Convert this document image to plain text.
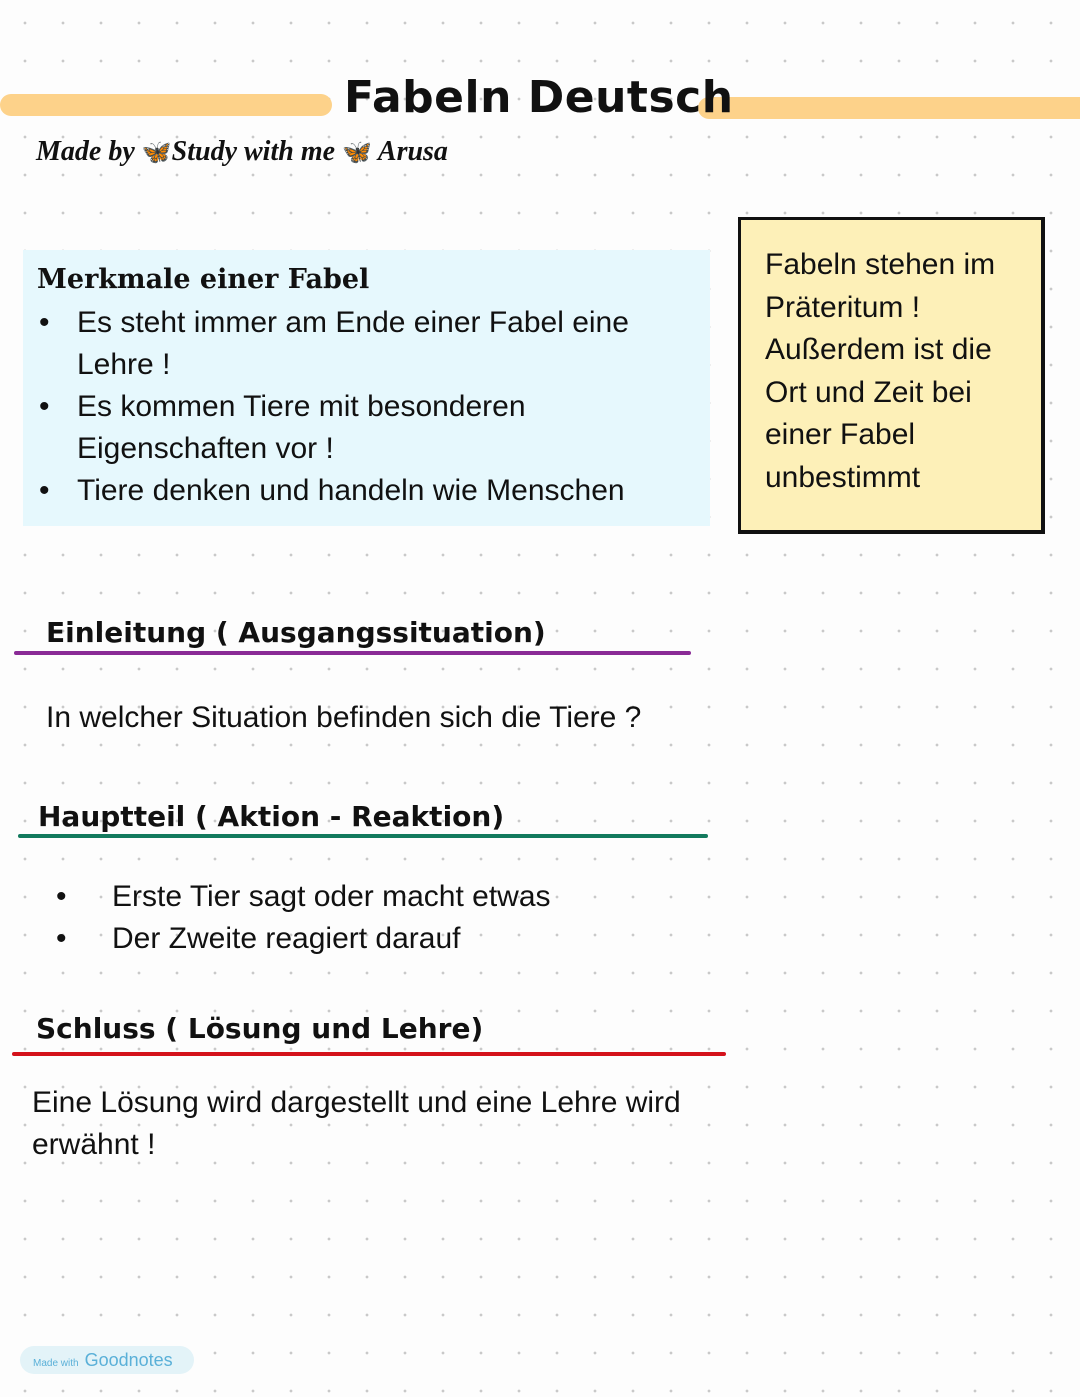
Fabeln Deutsch
Made by 🦋Study with me 🦋 Arusa
Merkmale einer Fabel
• Es steht immer am Ende einer Fabel eine Lehre !
• Es kommen Tiere mit besonderen Eigenschaften vor !
• Tiere denken und handeln wie Menschen

Fabeln stehen im Präteritum ! Außerdem ist die Ort und Zeit bei einer Fabel unbestimmt

Einleitung ( Ausgangssituation)
In welcher Situation befinden sich die Tiere ?
Hauptteil ( Aktion - Reaktion)
• Erste Tier sagt oder macht etwas
• Der Zweite reagiert darauf
Schluss ( Lösung und Lehre)
Eine Lösung wird dargestellt und eine Lehre wird erwähnt !
Made with Goodnotes
